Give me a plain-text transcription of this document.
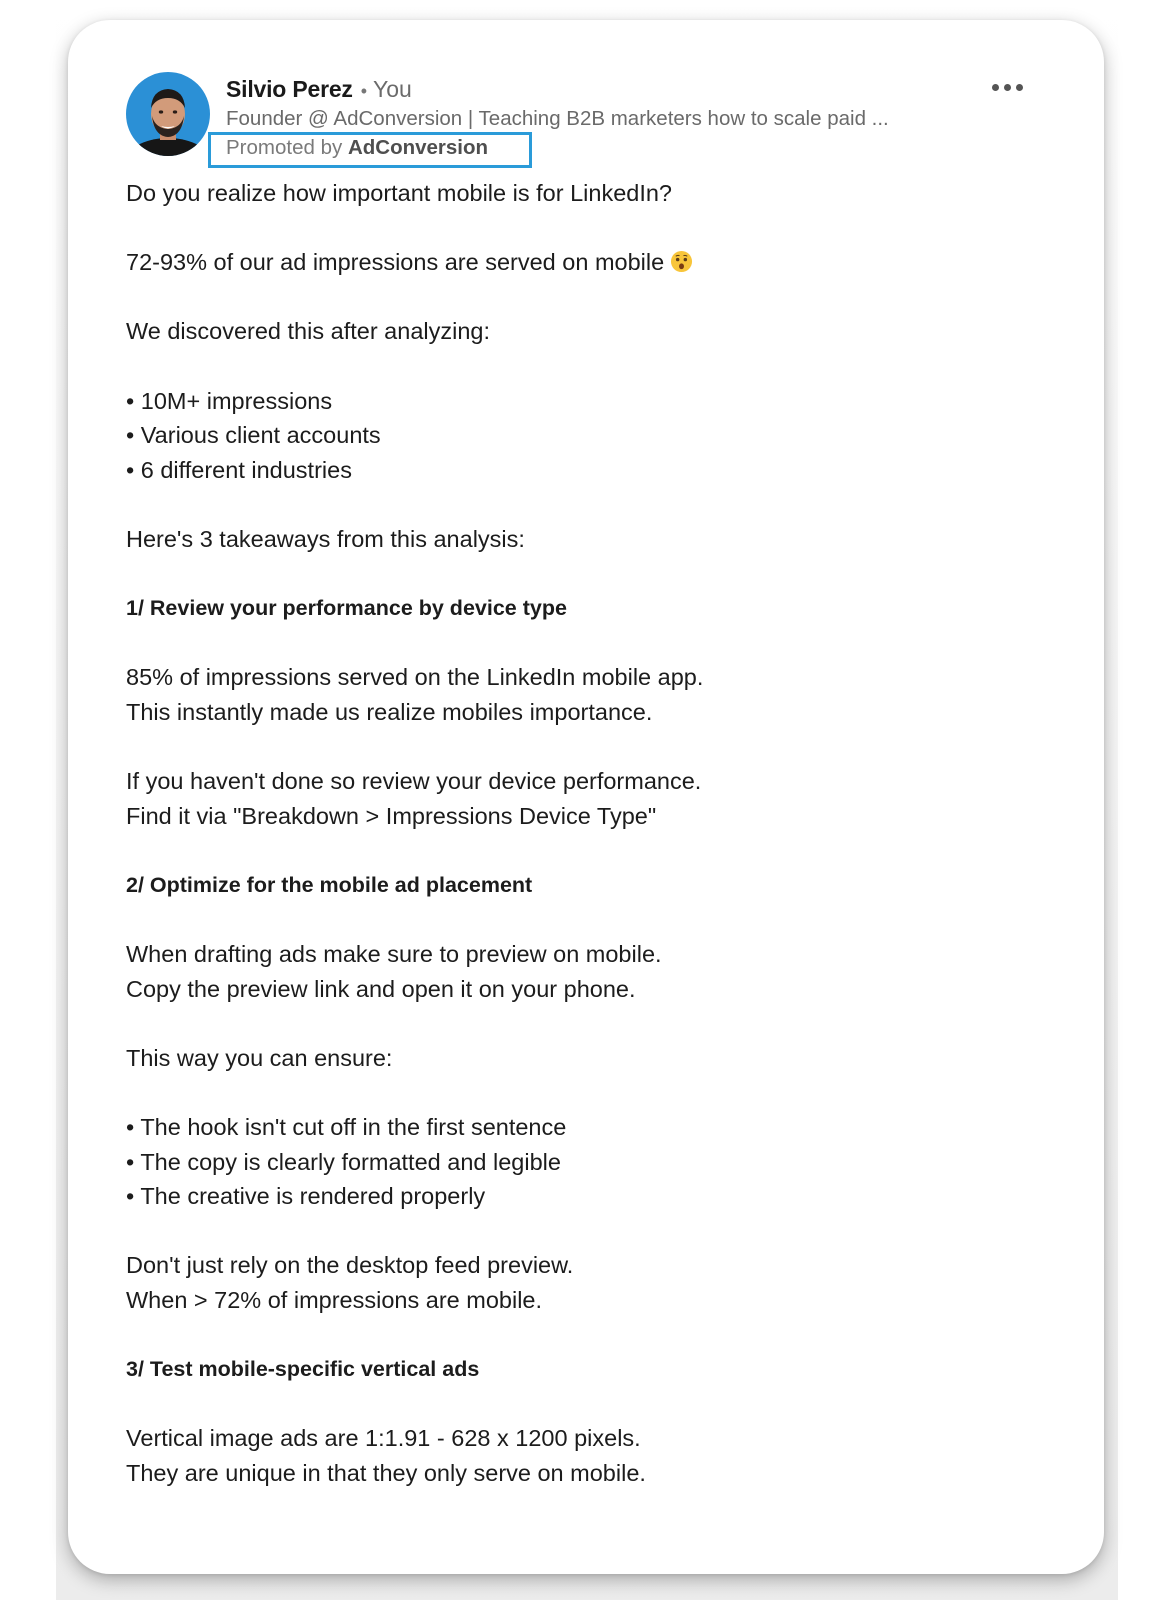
Silvio Perez • You
Founder @ AdConversion | Teaching B2B marketers how to scale paid ...
Promoted by AdConversion
Do you realize how important mobile is for LinkedIn?
72-93% of our ad impressions are served on mobile
We discovered this after analyzing:
• 10M+ impressions
• Various client accounts
• 6 different industries
Here's 3 takeaways from this analysis:
1/ Review your performance by device type
85% of impressions served on the LinkedIn mobile app.
This instantly made us realize mobiles importance.
If you haven't done so review your device performance.
Find it via "Breakdown > Impressions Device Type"
2/ Optimize for the mobile ad placement
When drafting ads make sure to preview on mobile.
Copy the preview link and open it on your phone.
This way you can ensure:
• The hook isn't cut off in the first sentence
• The copy is clearly formatted and legible
• The creative is rendered properly
Don't just rely on the desktop feed preview.
When > 72% of impressions are mobile.
3/ Test mobile-specific vertical ads
Vertical image ads are 1:1.91 - 628 x 1200 pixels.
They are unique in that they only serve on mobile.
